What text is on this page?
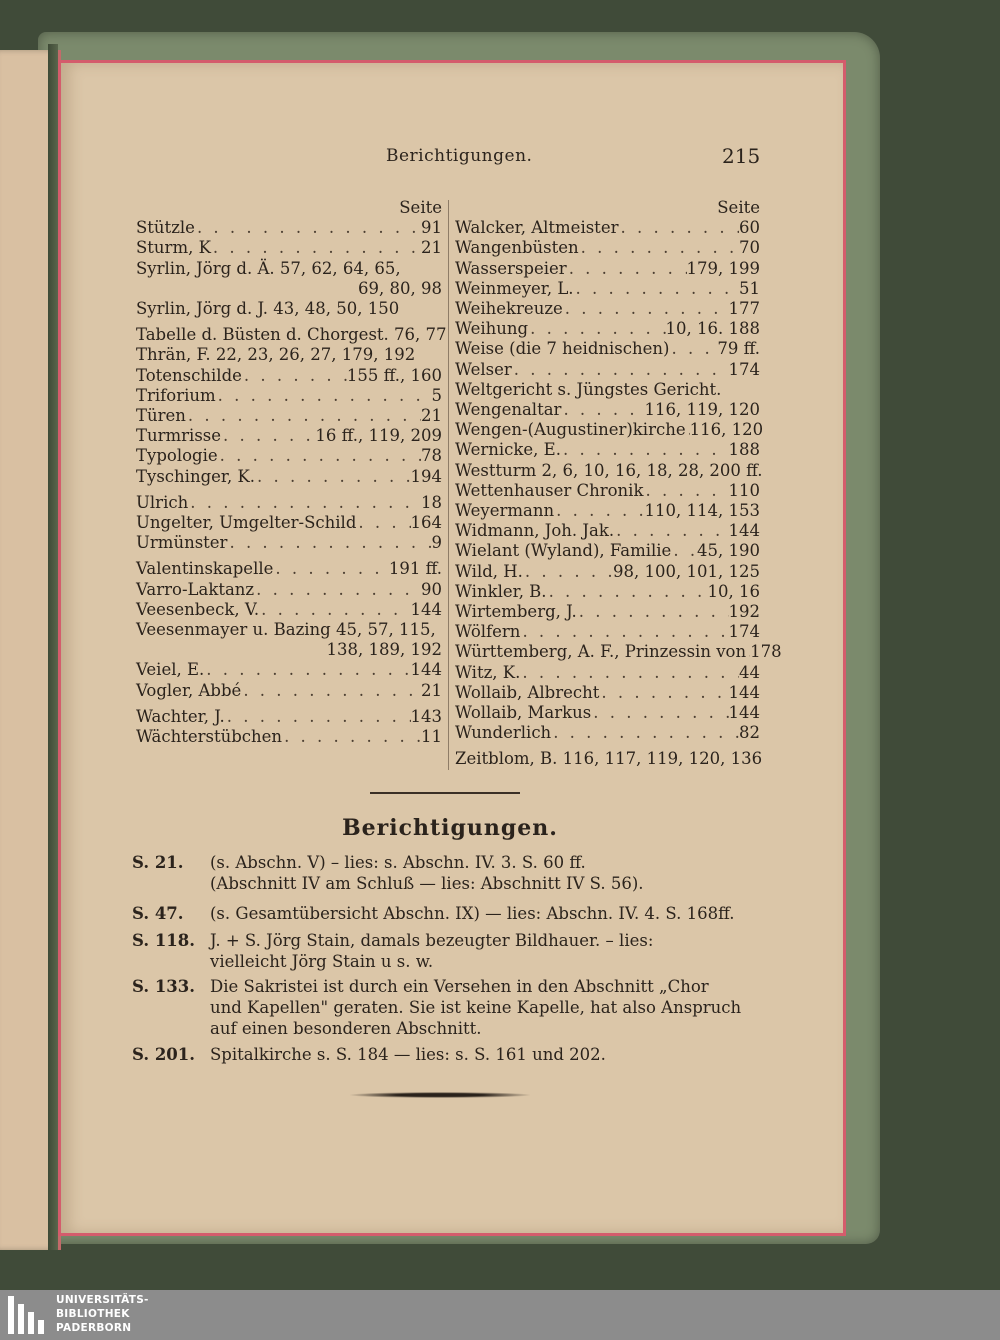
Berichtigungen.	215
Seite
Stützle . . .	91
Sturm, K . . .	21
Syrlin, Jörg d. Ä. 57, 62, 64, 65,
69, 80, 98
Syrlin, Jörg d. J. 43, 48, 50, 150
Tabelle d. Büsten d. Chorgest. 76, 77
Thrän, F. 22, 23, 26, 27, 179, 192
Totenschilde . . .	155 ff., 160
Triforium . . .	5
Türen . . .	21
Turmrisse . . .	16 ff., 119, 209
Typologie . . .	78
Tyschinger, K. . . .	194
Ulrich . . .	18
Ungelter, Umgelter-Schild . . .	164
Urmünster . . .	9
Valentinskapelle . . .	191 ff.
Varro-Laktanz . . .	90
Veesenbeck, V. . . .	144
Veesenmayer u. Bazing 45, 57, 115,
138, 189, 192
Veiel, E. . . .	144
Vogler, Abbé . . .	21
Wachter, J. . . .	143
Wächterstübchen . . .	11
Seite
Walcker, Altmeister . . .	60
Wangenbüsten . . .	70
Wasserspeier . . .	179, 199
Weinmeyer, L. . . .	51
Weihekreuze . . .	177
Weihung . . .	10, 16. 188
Weise (die 7 heidnischen) . . .	79 ff.
Welser . . .	174
Weltgericht s. Jüngstes Gericht.
Wengenaltar . . .	116, 119, 120
Wengen-(Augustiner)kirche . . . 116, 120
Wernicke, E. . . .	188
Westturm 2, 6, 10, 16, 18, 28, 200 ff.
Wettenhauser Chronik . . .	110
Weyermann . . .	110, 114, 153
Widmann, Joh. Jak. . . .	144
Wielant (Wyland), Familie . . . 45, 190
Wild, H. . . .	98, 100, 101, 125
Winkler, B. . . .	10, 16
Wirtemberg, J. . . .	192
Wölfern . . .	174
Württemberg, A. F., Prinzessin von . . . 178
Witz, K. . . .	44
Wollaib, Albrecht . . .	144
Wollaib, Markus . . .	144
Wunderlich . . .	82
Zeitblom, B. 116, 117, 119, 120, 136
Berichtigungen.
S. 21.	(s. Abschn. V) – lies: s. Abschn. IV. 3. S. 60 ff.
(Abschnitt IV am Schluß — lies: Abschnitt IV S. 56).
S. 47.	(s. Gesamtübersicht Abschn. IX) — lies: Abschn. IV. 4. S. 168ff.
S. 118. J. + S. Jörg Stain, damals bezeugter Bildhauer. – lies:
vielleicht Jörg Stain u s. w.
S. 133. Die Sakristei ist durch ein Versehen in den Abschnitt „Chor
und Kapellen" geraten. Sie ist keine Kapelle, hat also Anspruch
auf einen besonderen Abschnitt.
S. 201. Spitalkirche s. S. 184 — lies: s. S. 161 und 202.
UNIVERSITÄTS-
BIBLIOTHEK
PADERBORN
